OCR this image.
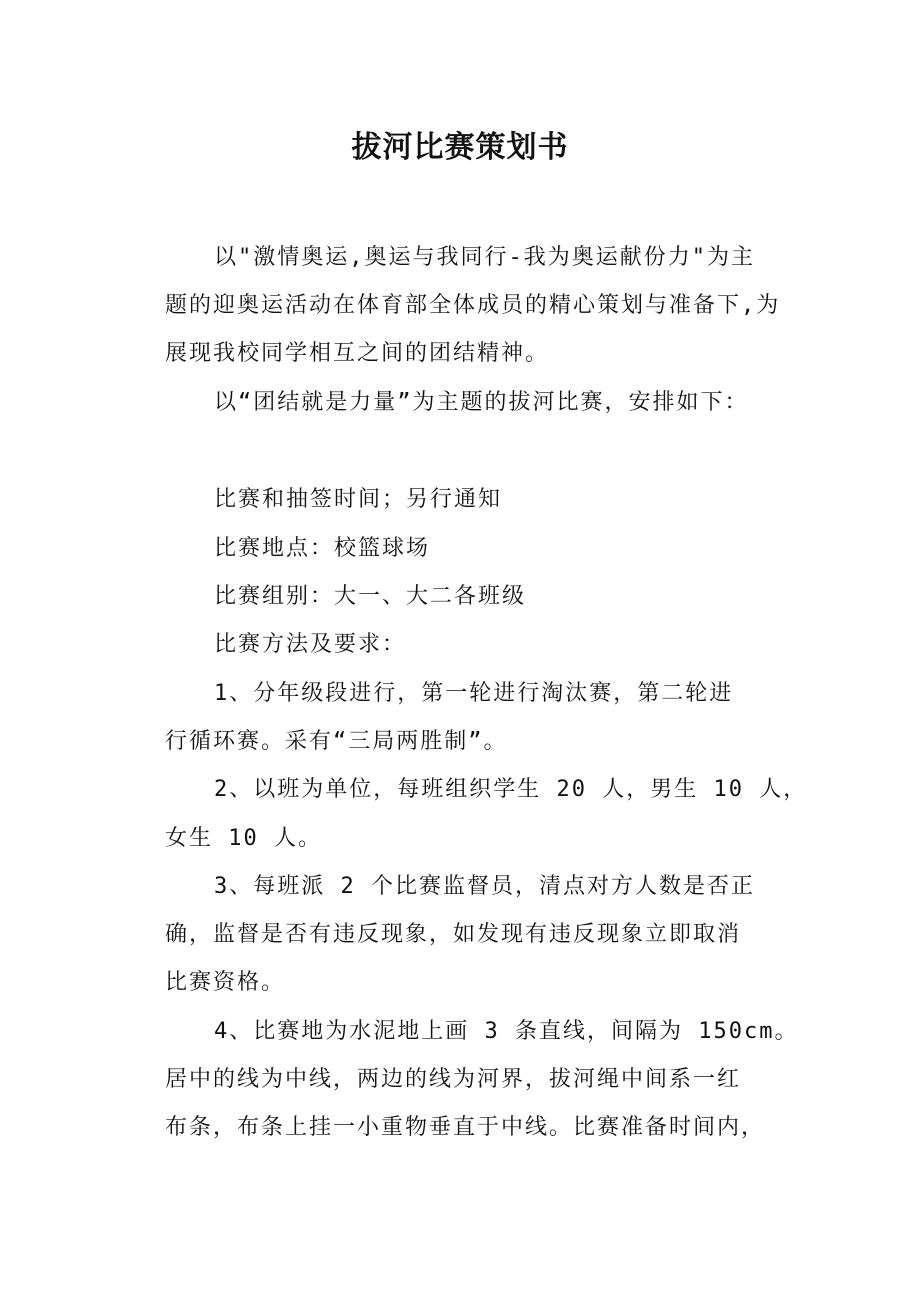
拔河比赛策划书

以"激情奥运,奥运与我同行-我为奥运献份力"为主

题的迎奥运活动在体育部全体成员的精心策划与准备下,为

展现我校同学相互之间的团结精神。

以“团结就是力量”为主题的拔河比赛，安排如下：

比赛和抽签时间；另行通知

比赛地点：校篮球场

比赛组别：大一、大二各班级

比赛方法及要求：

1、分年级段进行，第一轮进行淘汰赛，第二轮进

行循环赛。采有“三局两胜制”。

2、以班为单位，每班组织学生 20 人，男生 10 人，

女生 10 人。

3、每班派 2 个比赛监督员，清点对方人数是否正

确，监督是否有违反现象，如发现有违反现象立即取消

比赛资格。

4、比赛地为水泥地上画 3 条直线，间隔为 150cm。

居中的线为中线，两边的线为河界，拔河绳中间系一红

布条，布条上挂一小重物垂直于中线。比赛准备时间内，
